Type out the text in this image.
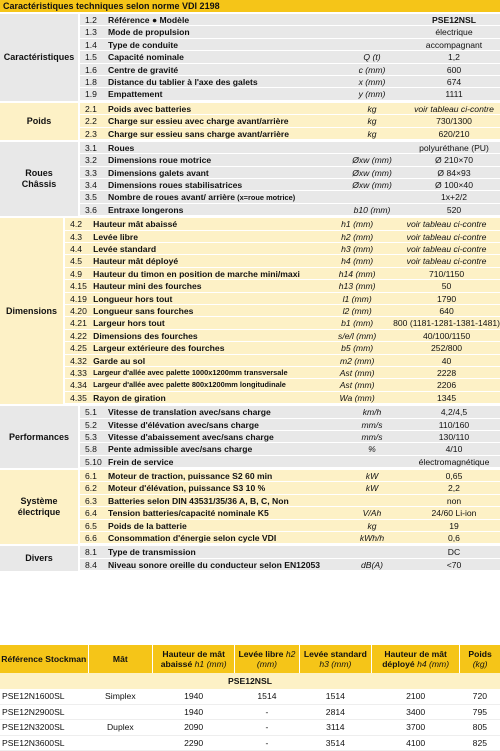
Caractéristiques techniques selon norme VDI 2198
Caractéristiques
1.2	Référence ● Modèle	PSE12NSL
1.3	Mode de propulsion	électrique
1.4	Type de conduite	accompagnant
1.5	Capacité nominale	Q (t)	1,2
1.6	Centre de gravité	c (mm)	600
1.8	Distance du tablier à l'axe des galets	x (mm)	674
1.9	Empattement	y (mm)	1111
Poids
2.1	Poids avec batteries	kg	voir tableau ci-contre
2.2	Charge sur essieu avec charge avant/arrière	kg	730/1300
2.3	Charge sur essieu sans charge avant/arrière	kg	620/210
Roues
Châssis
3.1	Roues	polyuréthane (PU)
3.2	Dimensions roue motrice	Øxw (mm)	Ø 210×70
3.3	Dimensions galets avant	Øxw (mm)	Ø 84×93
3.4	Dimensions roues stabilisatrices	Øxw (mm)	Ø 100×40
3.5	Nombre de roues avant/ arrière (x=roue motrice)	1x+2/2
3.6	Entraxe longerons	b10 (mm)	520
Dimensions
4.2	Hauteur mât abaissé	h1 (mm)	voir tableau ci-contre
4.3	Levée libre	h2 (mm)	voir tableau ci-contre
4.4	Levée standard	h3 (mm)	voir tableau ci-contre
4.5	Hauteur mât déployé	h4 (mm)	voir tableau ci-contre
4.9	Hauteur du timon en position de marche mini/maxi	h14 (mm)	710/1150
4.15 Hauteur mini des fourches	h13 (mm)	50
4.19 Longueur hors tout	l1 (mm)	1790
4.20 Longueur sans fourches	l2 (mm)	640
4.21 Largeur hors tout	b1 (mm)	800 (1181-1281-1381-1481)
4.22 Dimensions des fourches	s/e/l (mm)	40/100/1150
4.25 Largeur extérieure des fourches	b5 (mm)	252/800
4.32 Garde au sol	m2 (mm)	40
4.33 Largeur d'allée avec palette 1000x1200mm transversale	Ast (mm)	2228
4.34 Largeur d'allée avec palette 800x1200mm longitudinale	Ast (mm)	2206
4.35 Rayon de giration	Wa (mm)	1345
Performances
5.1	Vitesse de translation avec/sans charge	km/h	4,2/4,5
5.2	Vitesse d'élévation avec/sans charge	mm/s	110/160
5.3	Vitesse d'abaissement avec/sans charge	mm/s	130/110
5.8	Pente admissible avec/sans charge	%	4/10
5.10 Frein de service	électromagnétique
Système
électrique
6.1	Moteur de traction, puissance S2 60 min	kW	0,65
6.2	Moteur d'élévation, puissance S3 10 %	kW	2,2
6.3	Batteries selon DIN 43531/35/36 A, B, C, Non	non
6.4	Tension batteries/capacité nominale K5	V/Ah	24/60 Li-ion
6.5	Poids de la batterie	kg	19
6.6	Consommation d'énergie selon cycle VDI	kWh/h	0,6
Divers
8.1	Type de transmission	DC
8.4	Niveau sonore oreille du conducteur selon EN12053	dB(A)	<70
Référence Stockman	Mât	Hauteur de mât abaissé h1 (mm)	Levée libre h2 (mm)	Levée standard h3 (mm)	Hauteur de mât déployé h4 (mm)	Poids (kg)
PSE12NSL						
PSE12N1600SL	Simplex	1940	1514	1514	2100	720
PSE12N2900SL		1940	-	2814	3400	795
PSE12N3200SL	Duplex	2090	-	3114	3700	805
PSE12N3600SL		2290	-	3514	4100	825
